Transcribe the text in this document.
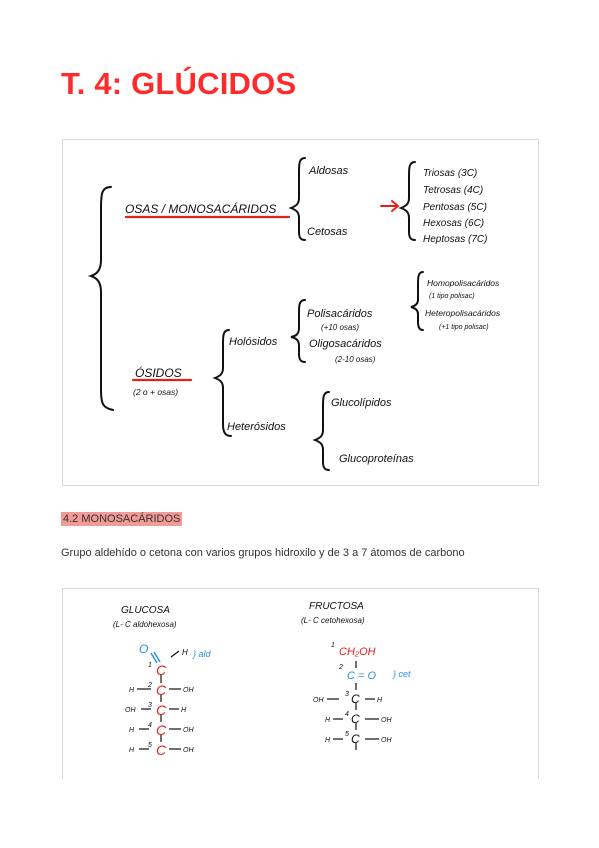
T. 4: GLÚCIDOS
OSAS / MONOSACÁRIDOS
Aldosas
Cetosas
Triosas (3C)
Tetrosas (4C)
Pentosas (5C)
Hexosas (6C)
Heptosas (7C)
ÓSIDOS
(2 o + osas)
Holósidos
Heterósidos
Polisacáridos
(+10 osas)
Oligosacáridos
(2-10 osas)
Homopolisacáridos
(1 tipo polisac)
Heteropolisacáridos
(+1 tipo polisac)
Glucolípidos
Glucoproteínas
4.2 MONOSACÁRIDOS
Grupo aldehído o cetona con varios grupos hidroxilo y de 3 a 7 átomos de carbono
GLUCOSA
(L- C aldohexosa)
FRUCTOSA
(L- C cetohexosa)
O	H } ald
1 C
2 C
H	OH
3 C
OH	H
4 C
H	OH
5 C
H	OH
1
CH₂OH
2
C = O } cet
3 C
OH	H
4 C
H	OH
5 C
H	OH
